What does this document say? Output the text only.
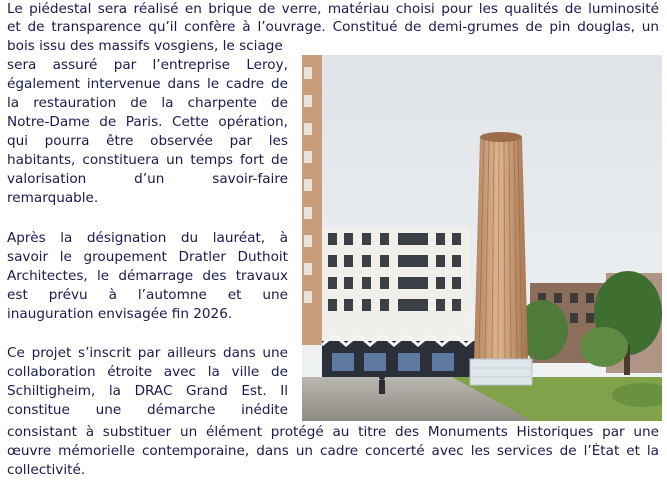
Le piédestal sera réalisé en brique de verre, matériau choisi pour les qualités de luminosité
et de transparence qu’il confère à l’ouvrage. Constitué de demi-grumes de pin douglas, un
bois issu des massifs vosgiens, le sciage
sera assuré par l’entreprise Leroy,
également intervenue dans le cadre de
la restauration de la charpente de
Notre-Dame de Paris. Cette opération,
qui pourra être observée par les
habitants, constituera un temps fort de
valorisation d’un savoir-faire
remarquable.
Après la désignation du lauréat, à
savoir le groupement Dratler Duthoit
Architectes, le démarrage des travaux
est prévu à l’automne et une
inauguration envisagée fin 2026.
Ce projet s’inscrit par ailleurs dans une
collaboration étroite avec la ville de
Schiltigheim, la DRAC Grand Est. Il
constitue une démarche inédite
consistant à substituer un élément protégé au titre des Monuments Historiques par une
œuvre mémorielle contemporaine, dans un cadre concerté avec les services de l’État et la
collectivité.
